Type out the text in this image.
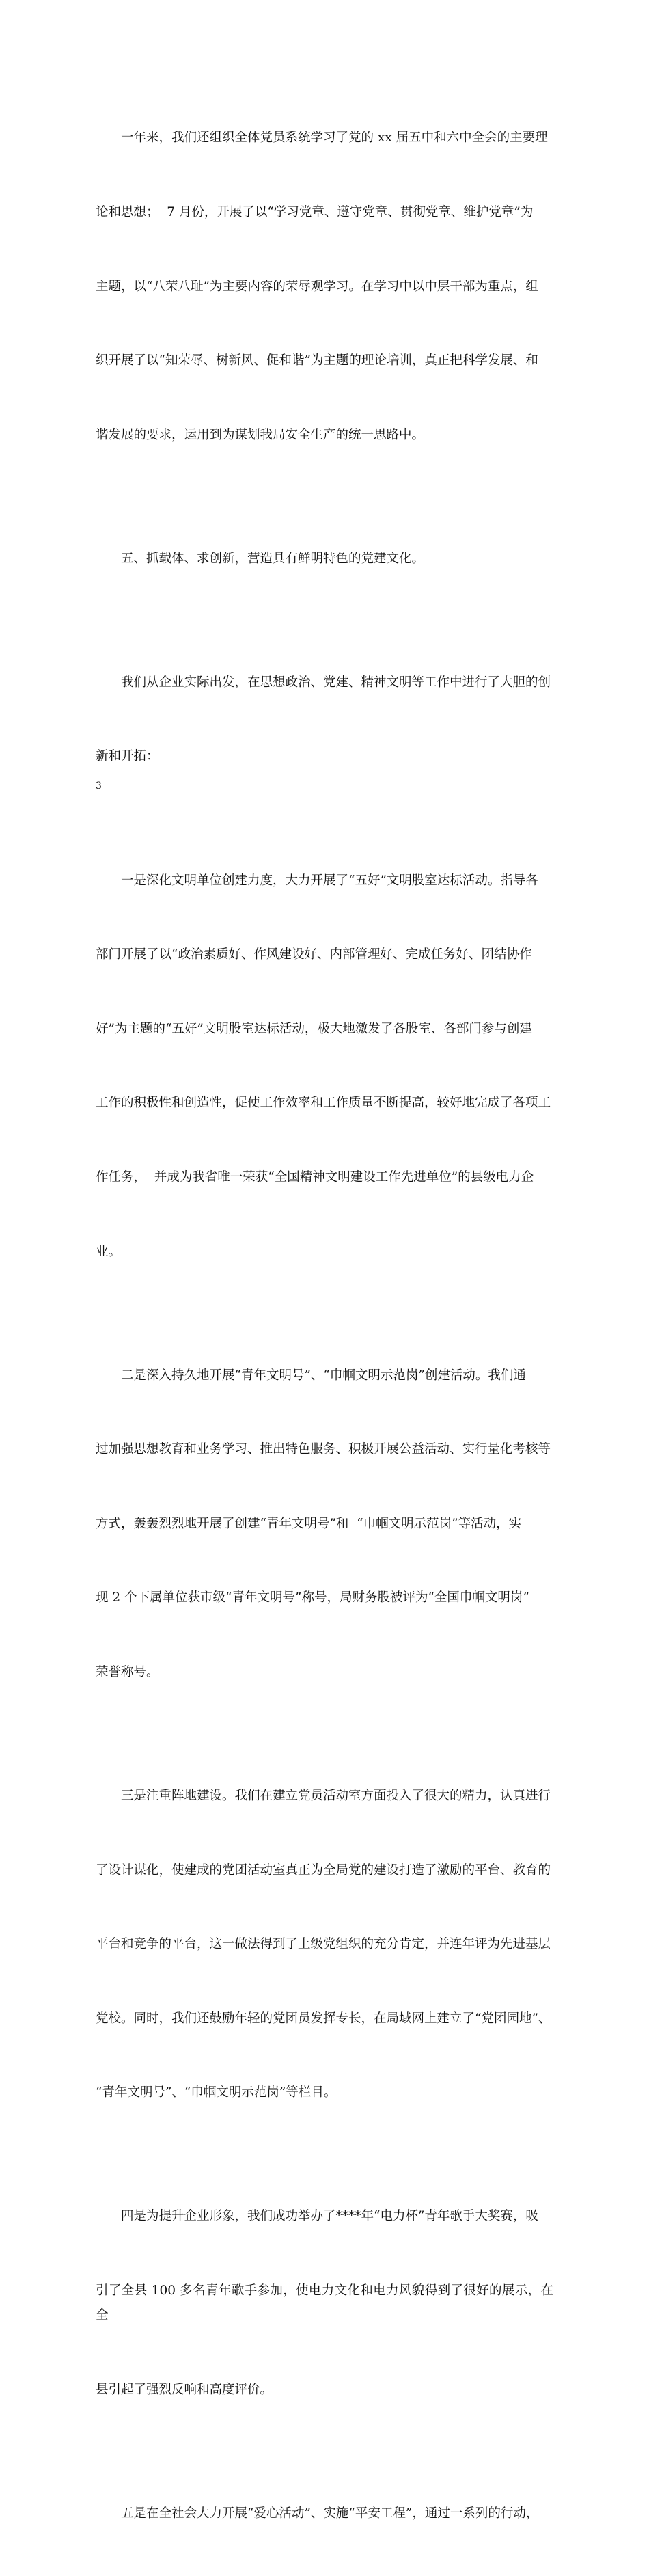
一年来，我们还组织全体党员系统学习了党的 xx 届五中和六中全会的主要理

论和思想；  7 月份，开展了以“学习党章、遵守党章、贯彻党章、维护党章”为

主题，以“八荣八耻”为主要内容的荣辱观学习。在学习中以中层干部为重点，组

织开展了以“知荣辱、树新风、促和谐”为主题的理论培训，真正把科学发展、和

谐发展的要求，运用到为谋划我局安全生产的统一思路中。

五、抓载体、求创新，营造具有鲜明特色的党建文化。

我们从企业实际出发，在思想政治、党建、精神文明等工作中进行了大胆的创

新和开拓：

一是深化文明单位创建力度，大力开展了“五好”文明股室达标活动。指导各

部门开展了以“政治素质好、作风建设好、内部管理好、完成任务好、团结协作

好”为主题的“五好”文明股室达标活动，极大地激发了各股室、各部门参与创建

工作的积极性和创造性，促使工作效率和工作质量不断提高，较好地完成了各项工

作任务，  并成为我省唯一荣获“全国精神文明建设工作先进单位”的县级电力企

业。

二是深入持久地开展“青年文明号”、“巾帼文明示范岗”创建活动。我们通

过加强思想教育和业务学习、推出特色服务、积极开展公益活动、实行量化考核等

方式，轰轰烈烈地开展了创建“青年文明号”和  “巾帼文明示范岗”等活动，实

现 2 个下属单位获市级“青年文明号”称号，局财务股被评为“全国巾帼文明岗”

荣誉称号。

三是注重阵地建设。我们在建立党员活动室方面投入了很大的精力，认真进行

了设计谋化，使建成的党团活动室真正为全局党的建设打造了激励的平台、教育的

平台和竞争的平台，这一做法得到了上级党组织的充分肯定，并连年评为先进基层

党校。同时，我们还鼓励年轻的党团员发挥专长，在局域网上建立了“党团园地”、

“青年文明号”、“巾帼文明示范岗”等栏目。

四是为提升企业形象，我们成功举办了****年“电力杯”青年歌手大奖赛，吸

引了全县 100 多名青年歌手参加，使电力文化和电力风貌得到了很好的展示，在全

县引起了强烈反响和高度评价。

五是在全社会大力开展“爱心活动”、实施“平安工程”，通过一系列的行动，

3
